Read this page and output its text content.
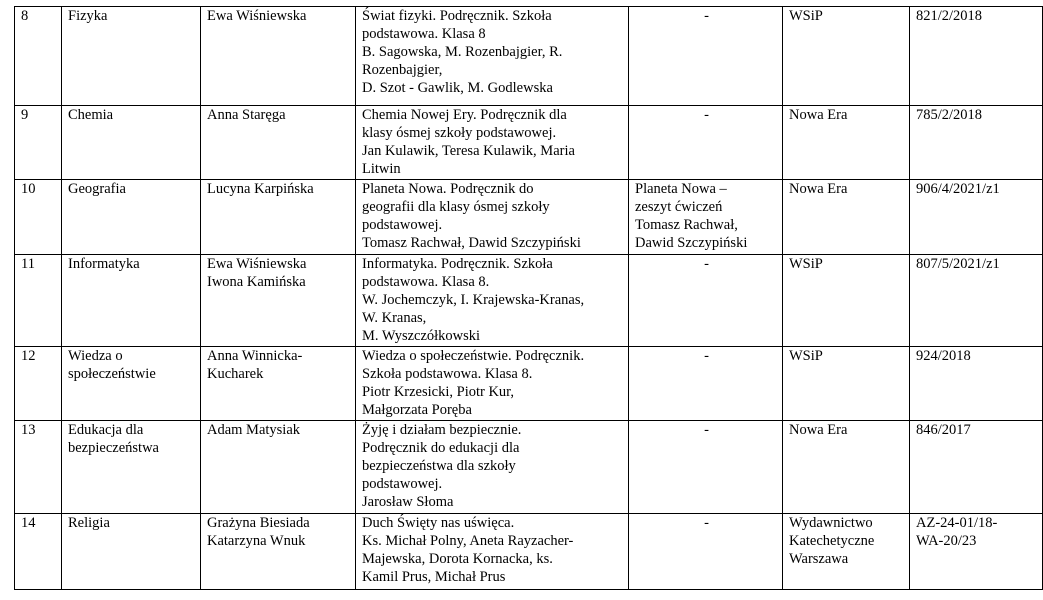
8	Fizyka	Ewa Wiśniewska	Świat fizyki. Podręcznik. Szkoła
podstawowa. Klasa 8
B. Sagowska, M. Rozenbajgier, R.
Rozenbajgier,
D. Szot - Gawlik, M. Godlewska	-	WSiP	821/2/2018

9	Chemia	Anna Staręga	Chemia Nowej Ery. Podręcznik dla
klasy ósmej szkoły podstawowej.
Jan Kulawik, Teresa Kulawik, Maria
Litwin	-	Nowa Era	785/2/2018

10	Geografia	Lucyna Karpińska	Planeta Nowa. Podręcznik do
geografii dla klasy ósmej szkoły
podstawowej.
Tomasz Rachwał, Dawid Szczypiński	Planeta Nowa –
zeszyt ćwiczeń
Tomasz Rachwał,
Dawid Szczypiński	Nowa Era	906/4/2021/z1

11	Informatyka	Ewa Wiśniewska
Iwona Kamińska	Informatyka. Podręcznik. Szkoła
podstawowa. Klasa 8.
W. Jochemczyk, I. Krajewska-Kranas,
W. Kranas,
M. Wyszczółkowski	-	WSiP	807/5/2021/z1

12	Wiedza o
społeczeństwie	Anna Winnicka-
Kucharek	Wiedza o społeczeństwie. Podręcznik.
Szkoła podstawowa. Klasa 8.
Piotr Krzesicki, Piotr Kur,
Małgorzata Poręba	-	WSiP	924/2018

13	Edukacja dla
bezpieczeństwa	Adam Matysiak	Żyję i działam bezpiecznie.
Podręcznik do edukacji dla
bezpieczeństwa dla szkoły
podstawowej.
Jarosław Słoma	-	Nowa Era	846/2017

14	Religia	Grażyna Biesiada
Katarzyna Wnuk	Duch Święty nas uświęca.
Ks. Michał Polny, Aneta Rayzacher-
Majewska, Dorota Kornacka, ks.
Kamil Prus, Michał Prus	-	Wydawnictwo
Katechetyczne
Warszawa	AZ-24-01/18-
WA-20/23
